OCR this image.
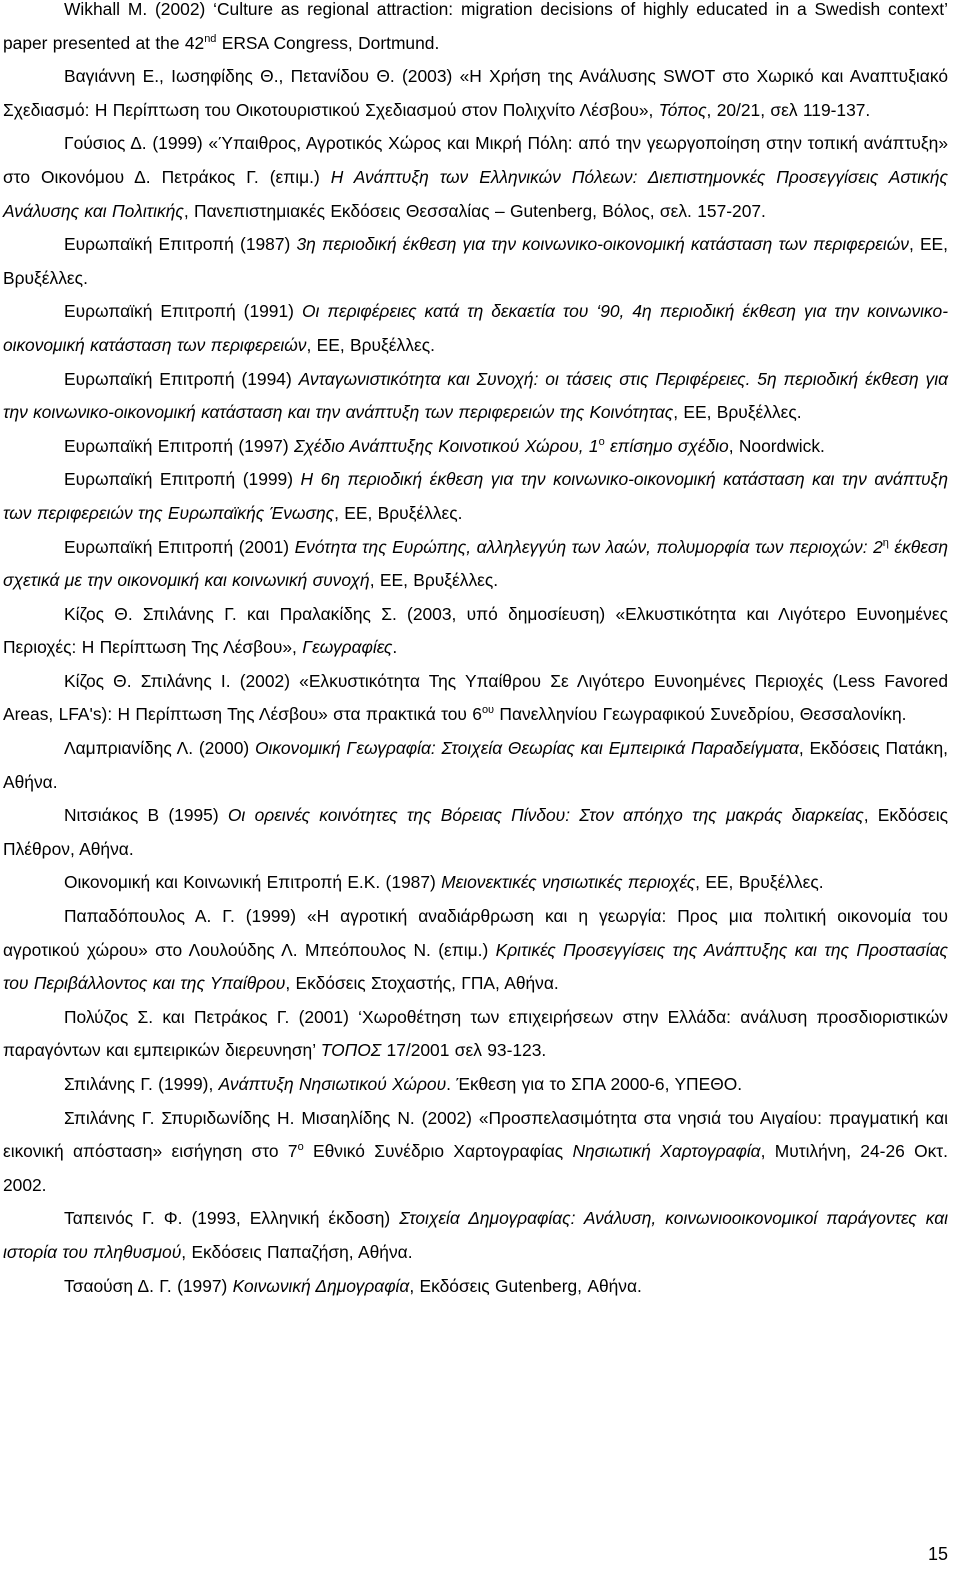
Wikhall M. (2002) ‘Culture as regional attraction: migration decisions of highly educated in a Swedish context’ paper presented at the 42nd ERSA Congress, Dortmund.

Βαγιάννη Ε., Ιωσηφίδης Θ., Πετανίδου Θ. (2003) «Η Χρήση της Ανάλυσης SWOT στο Χωρικό και Αναπτυξιακό Σχεδιασμό: Η Περίπτωση του Οικοτουριστικού Σχεδιασμού στον Πολιχνίτο Λέσβου», Τόπος, 20/21, σελ 119-137.

Γούσιος Δ. (1999) «Ύπαιθρος, Αγροτικός Χώρος και Μικρή Πόλη: από την γεωργοποίηση στην τοπική ανάπτυξη» στο Οικονόμου Δ. Πετράκος Γ. (επιμ.) Η Ανάπτυξη των Ελληνικών Πόλεων: Διεπιστημονκές Προσεγγίσεις Αστικής Ανάλυσης και Πολιτικής, Πανεπιστημιακές Εκδόσεις Θεσσαλίας – Gutenberg, Βόλος, σελ. 157-207.

Ευρωπαϊκή Επιτροπή (1987) 3η περιοδική έκθεση για την κοινωνικο-οικονομική κατάσταση των περιφερειών, ΕΕ, Βρυξέλλες.

Ευρωπαϊκή Επιτροπή (1991) Οι περιφέρειες κατά τη δεκαετία του ‘90, 4η περιοδική έκθεση για την κοινωνικο-οικονομική κατάσταση των περιφερειών, ΕΕ, Βρυξέλλες.

Ευρωπαϊκή Επιτροπή (1994) Ανταγωνιστικότητα και Συνοχή: οι τάσεις στις Περιφέρειες. 5η περιοδική έκθεση για την κοινωνικο-οικονομική κατάσταση και την ανάπτυξη των περιφερειών της Κοινότητας, ΕΕ, Βρυξέλλες.

Ευρωπαϊκή Επιτροπή (1997) Σχέδιο Ανάπτυξης Κοινοτικού Χώρου, $1^o$ επίσημο σχέδιο, Noordwick.

Ευρωπαϊκή Επιτροπή (1999) Η 6η περιοδική έκθεση για την κοινωνικο-οικονομική κατάσταση και την ανάπτυξη των περιφερειών της Ευρωπαϊκής Ένωσης, ΕΕ, Βρυξέλλες.

Ευρωπαϊκή Επιτροπή (2001) Ενότητα της Ευρώπης, αλληλεγγύη των λαών, πολυμορφία των περιοχών: $2^\eta$ έκθεση σχετικά με την οικονομική και κοινωνική συνοχή, ΕΕ, Βρυξέλλες.

Κίζος Θ. Σπιλάνης Γ. και Πραλακίδης Σ. (2003, υπό δημοσίευση) «Ελκυστικότητα και Λιγότερο Ευνοημένες Περιοχές: Η Περίπτωση Της Λέσβου», Γεωγραφίες.

Κίζος Θ. Σπιλάνης Ι. (2002) «Ελκυστικότητα Της Υπαίθρου Σε Λιγότερο Ευνοημένες Περιοχές (Less Favored Areas, LFA's): Η Περίπτωση Της Λέσβου» στα πρακτικά του $6^{o\upsilon}$ Πανελληνίου Γεωγραφικού Συνεδρίου, Θεσσαλονίκη.

Λαμπριανίδης Λ. (2000) Οικονομική Γεωγραφία: Στοιχεία Θεωρίας και Εμπειρικά Παραδείγματα, Εκδόσεις Πατάκη, Αθήνα.

Νιτσιάκος Β (1995) Οι ορεινές κοινότητες της Βόρειας Πίνδου: Στον απόηχο της μακράς διαρκείας, Εκδόσεις Πλέθρον, Αθήνα.

Οικονομική και Κοινωνική Επιτροπή Ε.Κ. (1987) Μειονεκτικές νησιωτικές περιοχές, ΕΕ, Βρυξέλλες.

Παπαδόπουλος Α. Γ. (1999) «Η αγροτική αναδιάρθρωση και η γεωργία: Προς μια πολιτική οικονομία του αγροτικού χώρου» στο Λουλούδης Λ. Μπεόπουλος Ν. (επιμ.) Κριτικές Προσεγγίσεις της Ανάπτυξης και της Προστασίας του Περιβάλλοντος και της Υπαίθρου, Εκδόσεις Στοχαστής, ΓΠΑ, Αθήνα.

Πολύζος Σ. και Πετράκος Γ. (2001) ‘Χωροθέτηση των επιχειρήσεων στην Ελλάδα: ανάλυση προσδιοριστικών παραγόντων και εμπειρικών διερευνηση’ ΤΟΠΟΣ 17/2001 σελ 93-123.

Σπιλάνης Γ. (1999), Ανάπτυξη Νησιωτικού Χώρου. Έκθεση για το ΣΠΑ 2000-6, ΥΠΕΘΟ.

Σπιλάνης Γ. Σπυριδωνίδης Η. Μισαηλίδης Ν. (2002) «Προσπελασιμότητα στα νησιά του Αιγαίου: πραγματική και εικονική απόσταση» εισήγηση στο $7^o$ Εθνικό Συνέδριο Χαρτογραφίας Νησιωτική Χαρτογραφία, Μυτιλήνη, 24-26 Οκτ. 2002.

Ταπεινός Γ. Φ. (1993, Ελληνική έκδοση) Στοιχεία Δημογραφίας: Ανάλυση, κοινωνιοοικονομικοί παράγοντες και ιστορία του πληθυσμού, Εκδόσεις Παπαζήση, Αθήνα.

Τσαούση Δ. Γ. (1997) Κοινωνική Δημογραφία, Εκδόσεις Gutenberg, Αθήνα.

15
